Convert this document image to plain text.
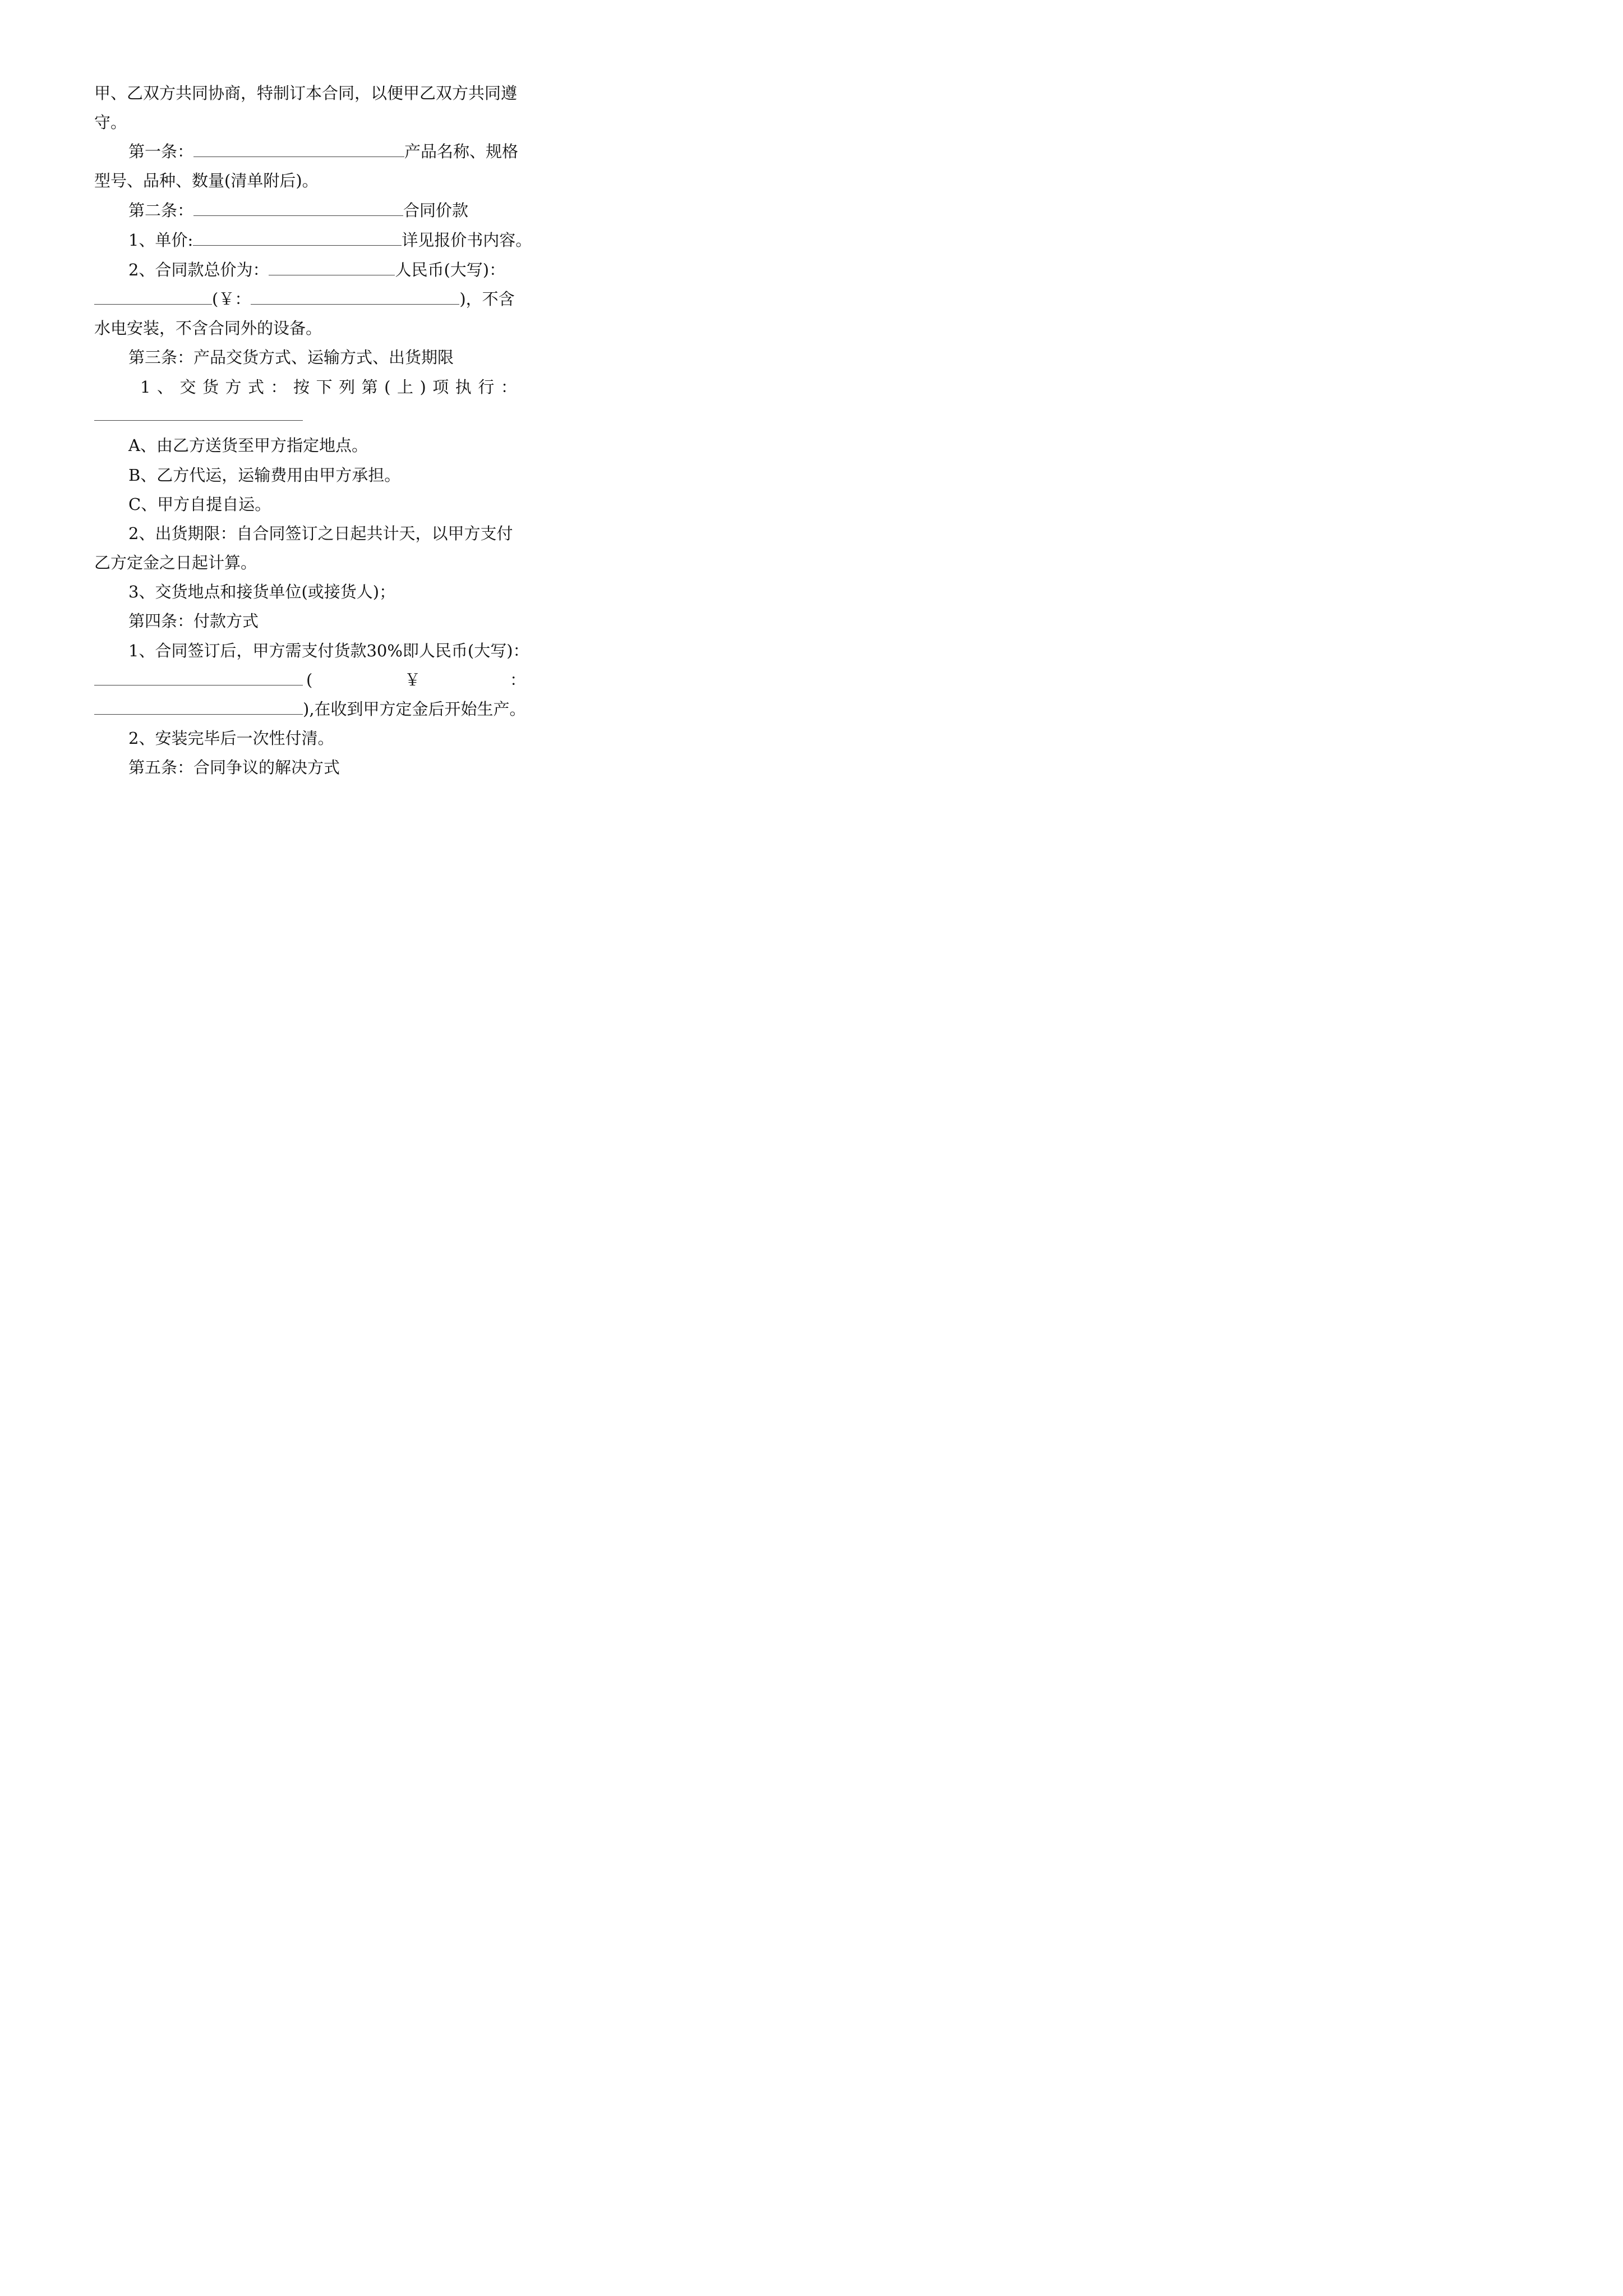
甲、乙双方共同协商，特制订本合同，以便甲乙双方共同遵
守。
第一条：	产品名称、规格
型号、品种、数量(清单附后)。
第二条：	合同价款
1、单价:	详见报价书内容。
2、合同款总价为：	人民币(大写)：
(￥：	)，不含
水电安装，不含合同外的设备。
第三条：产品交货方式、运输方式、出货期限
1 、 交 货 方 式 ： 按 下 列 第 ( 上 ) 项 执 行 ：
A、由乙方送货至甲方指定地点。
B、乙方代运，运输费用由甲方承担。
C、甲方自提自运。
2、出货期限：自合同签订之日起共计天，以甲方支付
乙方定金之日起计算。
3、交货地点和接货单位(或接货人)；
第四条：付款方式
1、合同签订后，甲方需支付货款30%即人民币(大写)：
(	￥	：
),在收到甲方定金后开始生产。
2、安装完毕后一次性付清。
第五条：合同争议的解决方式
